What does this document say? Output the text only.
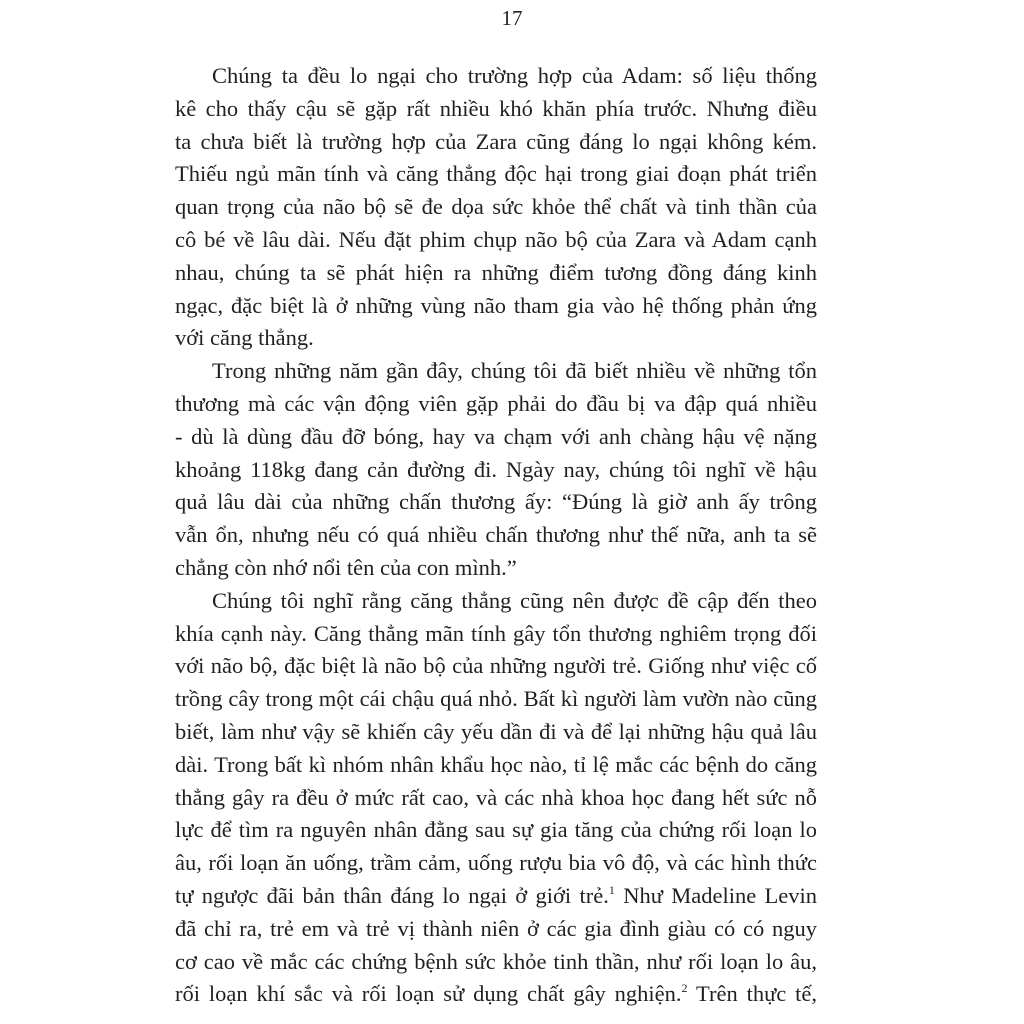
17
Chúng ta đều lo ngại cho trường hợp của Adam: số liệu thống
kê cho thấy cậu sẽ gặp rất nhiều khó khăn phía trước. Nhưng điều
ta chưa biết là trường hợp của Zara cũng đáng lo ngại không kém.
Thiếu ngủ mãn tính và căng thẳng độc hại trong giai đoạn phát triển
quan trọng của não bộ sẽ đe dọa sức khỏe thể chất và tinh thần của
cô bé về lâu dài. Nếu đặt phim chụp não bộ của Zara và Adam cạnh
nhau, chúng ta sẽ phát hiện ra những điểm tương đồng đáng kinh
ngạc, đặc biệt là ở những vùng não tham gia vào hệ thống phản ứng
với căng thẳng.
Trong những năm gần đây, chúng tôi đã biết nhiều về những tổn
thương mà các vận động viên gặp phải do đầu bị va đập quá nhiều
- dù là dùng đầu đỡ bóng, hay va chạm với anh chàng hậu vệ nặng
khoảng 118kg đang cản đường đi. Ngày nay, chúng tôi nghĩ về hậu
quả lâu dài của những chấn thương ấy: “Đúng là giờ anh ấy trông
vẫn ổn, nhưng nếu có quá nhiều chấn thương như thế nữa, anh ta sẽ
chẳng còn nhớ nổi tên của con mình.”
Chúng tôi nghĩ rằng căng thẳng cũng nên được đề cập đến theo
khía cạnh này. Căng thẳng mãn tính gây tổn thương nghiêm trọng đối
với não bộ, đặc biệt là não bộ của những người trẻ. Giống như việc cố
trồng cây trong một cái chậu quá nhỏ. Bất kì người làm vườn nào cũng
biết, làm như vậy sẽ khiến cây yếu dần đi và để lại những hậu quả lâu
dài. Trong bất kì nhóm nhân khẩu học nào, tỉ lệ mắc các bệnh do căng
thẳng gây ra đều ở mức rất cao, và các nhà khoa học đang hết sức nỗ
lực để tìm ra nguyên nhân đằng sau sự gia tăng của chứng rối loạn lo
âu, rối loạn ăn uống, trầm cảm, uống rượu bia vô độ, và các hình thức
tự ngược đãi bản thân đáng lo ngại ở giới trẻ.$^1$ Như Madeline Levin
đã chỉ ra, trẻ em và trẻ vị thành niên ở các gia đình giàu có có nguy
cơ cao về mắc các chứng bệnh sức khỏe tinh thần, như rối loạn lo âu,
rối loạn khí sắc và rối loạn sử dụng chất gây nghiện.$^2$ Trên thực tế,
